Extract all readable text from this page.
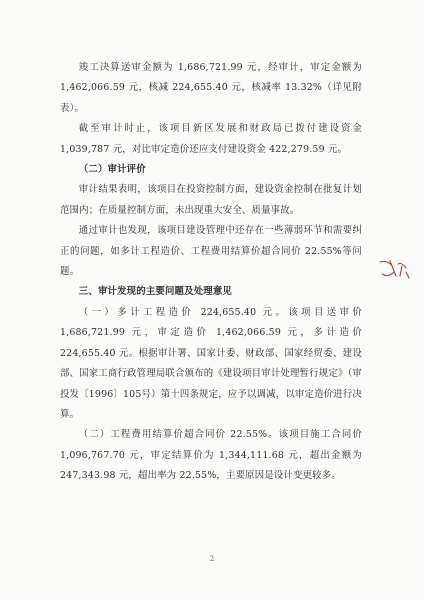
竣工决算送审金额为 1,686,721.99 元，经审计，审定金额为 1,462,066.59 元，核减 224,655.40 元，核减率 13.32%（详见附表）。

截至审计时止，该项目新区发展和财政局已拨付建设资金 1,039,787 元，对比审定造价还应支付建设资金 422,279.59 元。

（二）审计评价

审计结果表明，该项目在投资控制方面，建设资金控制在批复计划范围内；在质量控制方面，未出现重大安全、质量事故。

通过审计也发现，该项目建设管理中还存在一些薄弱环节和需要纠正的问题，如多计工程造价、工程费用结算价超合同价 22.55%等问题。

三、审计发现的主要问题及处理意见

（一）多计工程造价 224,655.40 元。该项目送审价 1,686,721.99 元，审定造价 1,462,066.59 元，多计造价 224,655.40 元。根据审计署、国家计委、财政部、国家经贸委、建设部、国家工商行政管理局联合颁布的《建设项目审计处理暂行规定》（审投发〔1996〕105号）第十四条规定，应予以调减，以审定造价进行决算。

（二）工程费用结算价超合同价 22.55%。该项目施工合同价 1,096,767.70 元，审定结算价为 1,344,111.68 元，超出金额为 247,343.98 元，超出率为 22.55%，主要原因是设计变更较多。

2
